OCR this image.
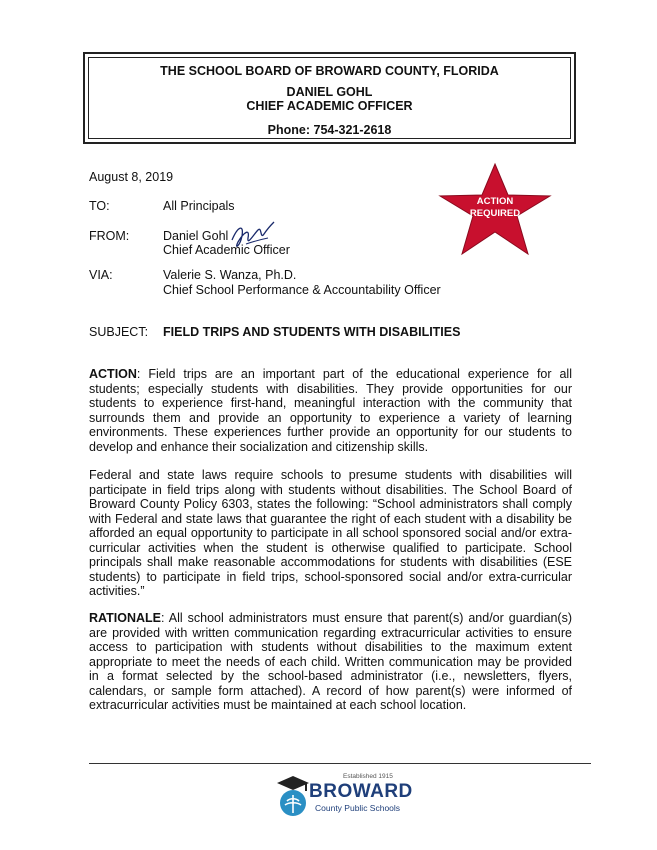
THE SCHOOL BOARD OF BROWARD COUNTY, FLORIDA
DANIEL GOHL
CHIEF ACADEMIC OFFICER
Phone: 754-321-2618
August 8, 2019
TO:	All Principals
FROM:	Daniel Gohl
Chief Academic Officer
VIA:	Valerie S. Wanza, Ph.D.
Chief School Performance & Accountability Officer
SUBJECT: FIELD TRIPS AND STUDENTS WITH DISABILITIES
ACTION
REQUIRED
ACTION: Field trips are an important part of the educational experience for all students; especially students with disabilities. They provide opportunities for our students to experience first-hand, meaningful interaction with the community that surrounds them and provide an opportunity to experience a variety of learning environments. These experiences further provide an opportunity for our students to develop and enhance their socialization and citizenship skills.
Federal and state laws require schools to presume students with disabilities will participate in field trips along with students without disabilities. The School Board of Broward County Policy 6303, states the following: “School administrators shall comply with Federal and state laws that guarantee the right of each student with a disability be afforded an equal opportunity to participate in all school sponsored social and/or extra-curricular activities when the student is otherwise qualified to participate. School principals shall make reasonable accommodations for students with disabilities (ESE students) to participate in field trips, school-sponsored social and/or extra-curricular activities.”
RATIONALE: All school administrators must ensure that parent(s) and/or guardian(s) are provided with written communication regarding extracurricular activities to ensure access to participation with students without disabilities to the maximum extent appropriate to meet the needs of each child. Written communication may be provided in a format selected by the school-based administrator (i.e., newsletters, flyers, calendars, or sample form attached). A record of how parent(s) were informed of extracurricular activities must be maintained at each school location.
Established 1915
BROWARD
County Public Schools
